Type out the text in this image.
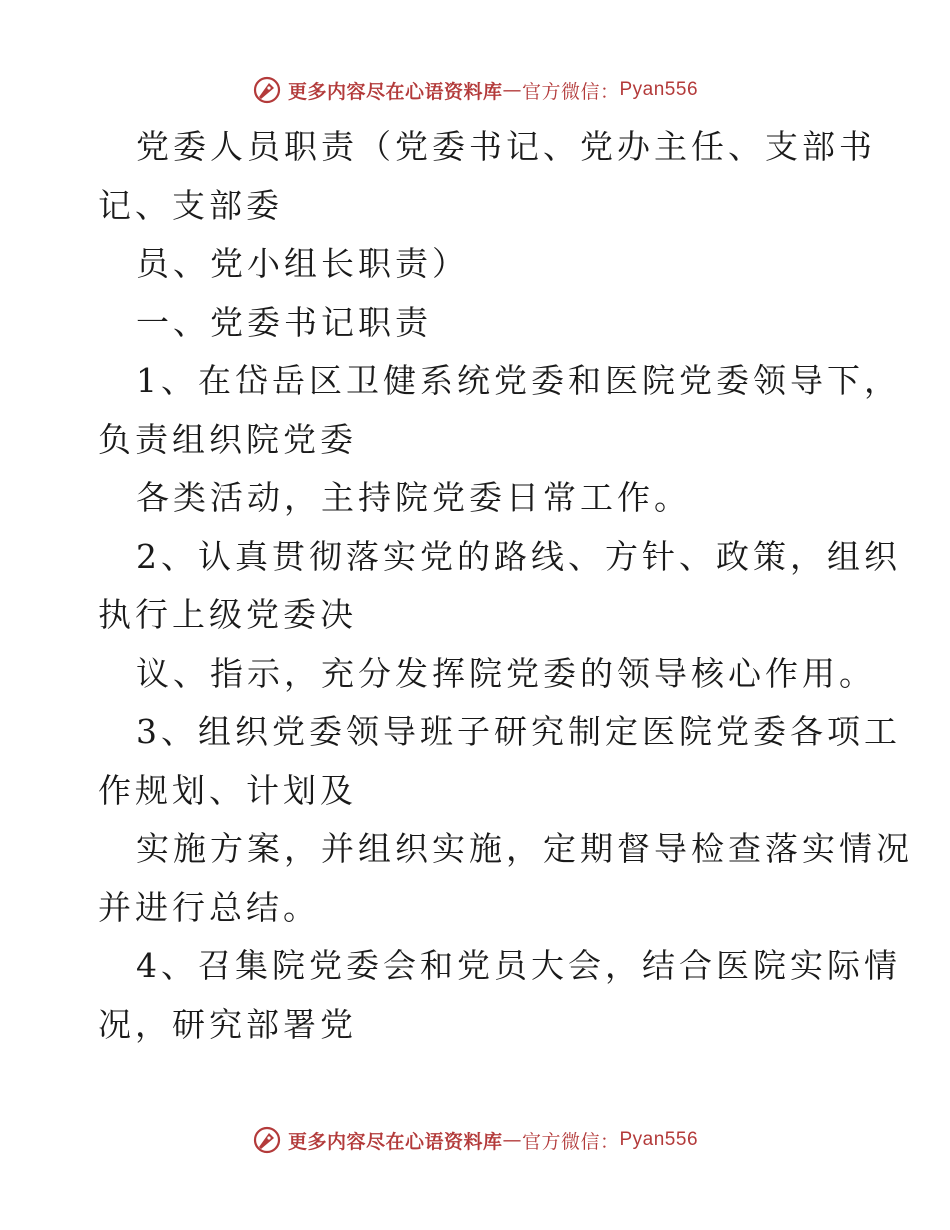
更多内容尽在心语资料库 — 官方微信： Pyan556
党委人员职责（党委书记、党办主任、支部书
记、支部委
员、党小组长职责）
一、党委书记职责
1、在岱岳区卫健系统党委和医院党委领导下，
负责组织院党委
各类活动，主持院党委日常工作。
2、认真贯彻落实党的路线、方针、政策，组织
执行上级党委决
议、指示，充分发挥院党委的领导核心作用。
3、组织党委领导班子研究制定医院党委各项工
作规划、计划及
实施方案，并组织实施，定期督导检查落实情况
并进行总结。
4、召集院党委会和党员大会，结合医院实际情
况，研究部署党
更多内容尽在心语资料库 — 官方微信： Pyan556
